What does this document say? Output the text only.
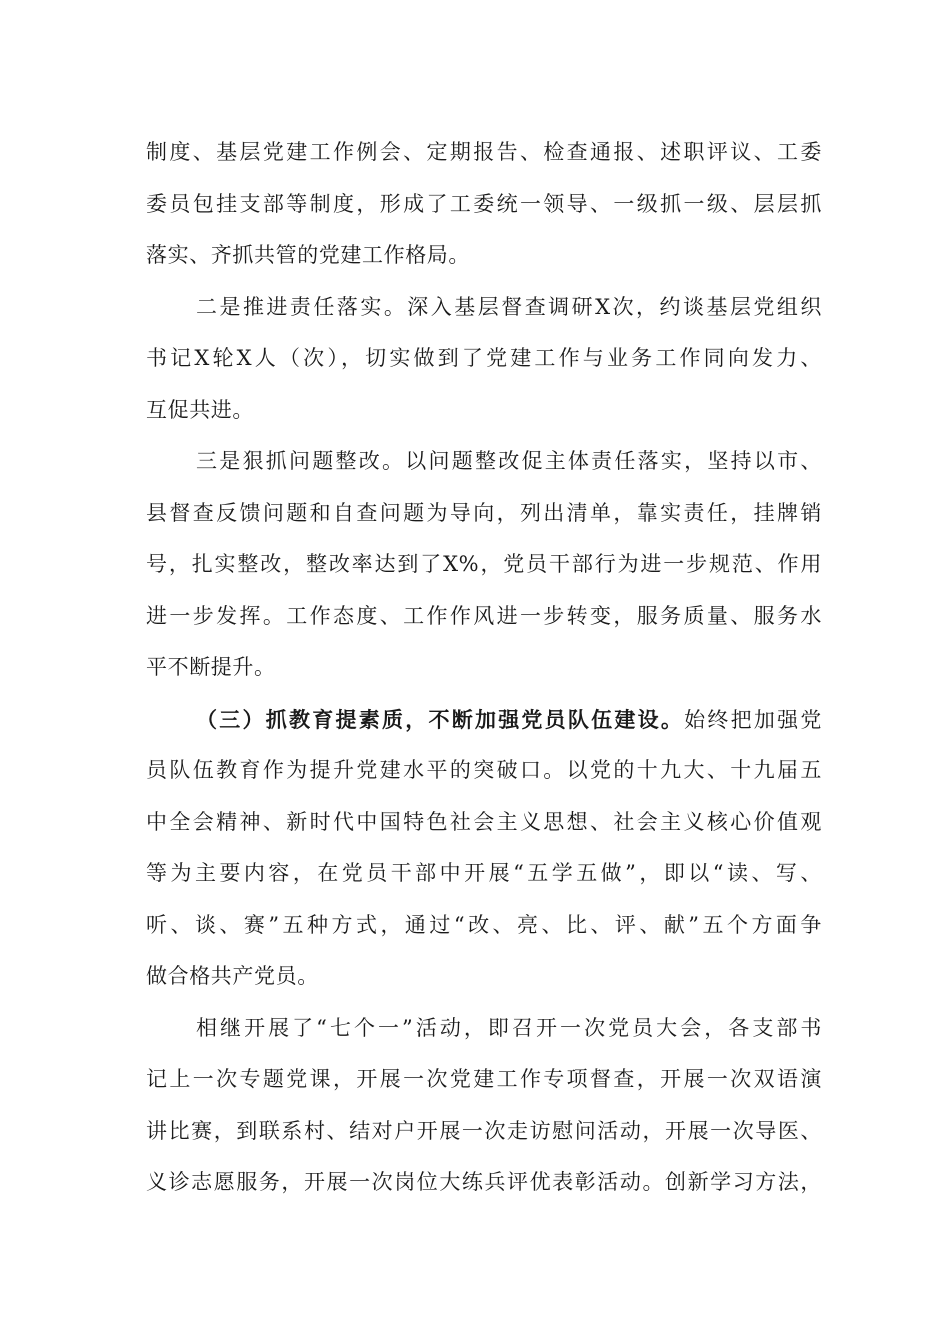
制度、基层党建工作例会、定期报告、检查通报、述职评议、工委
委员包挂支部等制度，形成了工委统一领导、一级抓一级、层层抓
落实、齐抓共管的党建工作格局。
二是推进责任落实。深入基层督查调研X次，约谈基层党组织
书记X轮X人（次），切实做到了党建工作与业务工作同向发力、
互促共进。
三是狠抓问题整改。以问题整改促主体责任落实，坚持以市、
县督查反馈问题和自查问题为导向，列出清单，靠实责任，挂牌销
号，扎实整改，整改率达到了X%，党员干部行为进一步规范、作用
进一步发挥。工作态度、工作作风进一步转变，服务质量、服务水
平不断提升。
（三）抓教育提素质，不断加强党员队伍建设。始终把加强党
员队伍教育作为提升党建水平的突破口。以党的十九大、十九届五
中全会精神、新时代中国特色社会主义思想、社会主义核心价值观
等为主要内容，在党员干部中开展“五学五做”，即以“读、写、
听、谈、赛”五种方式，通过“改、亮、比、评、献”五个方面争
做合格共产党员。
相继开展了“七个一”活动，即召开一次党员大会，各支部书
记上一次专题党课，开展一次党建工作专项督查，开展一次双语演
讲比赛，到联系村、结对户开展一次走访慰问活动，开展一次导医、
义诊志愿服务，开展一次岗位大练兵评优表彰活动。创新学习方法，
